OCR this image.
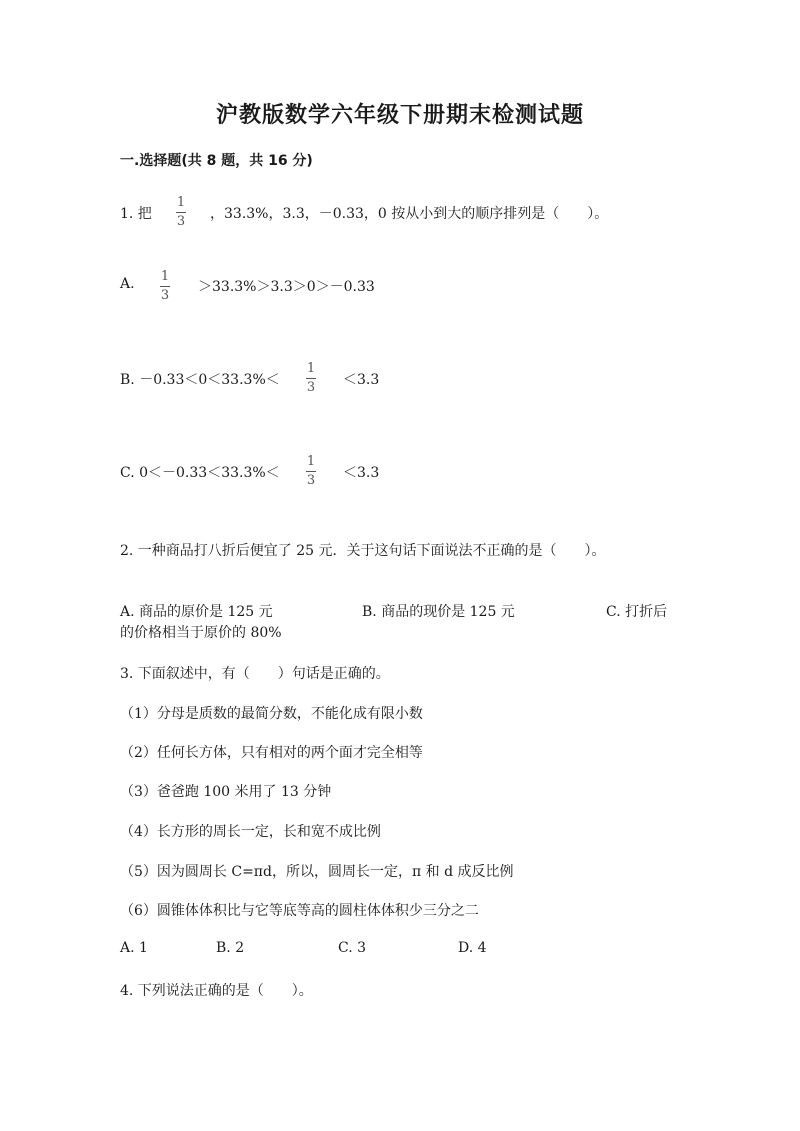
沪教版数学六年级下册期末检测试题
一.选择题(共 8 题，共 16 分)
1. 把
1
3 ，33.3%，3.3，－0.33，0 按从小到大的顺序排列是（　　）。
A. 1
3
＞33.3%＞3.3＞0＞－0.33
B. －0.33＜0＜33.3%＜
1
3 ＜3.3
C. 0＜－0.33＜33.3%＜
1
3 ＜3.3
2. 一种商品打八折后便宜了 25 元．关于这句话下面说法不正确的是（　　）。
A. 商品的原价是 125 元	B. 商品的现价是 125 元	C. 打折后
的价格相当于原价的 80%
3. 下面叙述中，有（　　）句话是正确的。
（1）分母是质数的最简分数，不能化成有限小数
（2）任何长方体，只有相对的两个面才完全相等
（3）爸爸跑 100 米用了 13 分钟
（4）长方形的周长一定，长和宽不成比例
（5）因为圆周长 C=πd，所以，圆周长一定，π 和 d 成反比例
（6）圆锥体体积比与它等底等高的圆柱体体积少三分之二
A. 1	B. 2	C. 3	D. 4
4. 下列说法正确的是（　　）。
